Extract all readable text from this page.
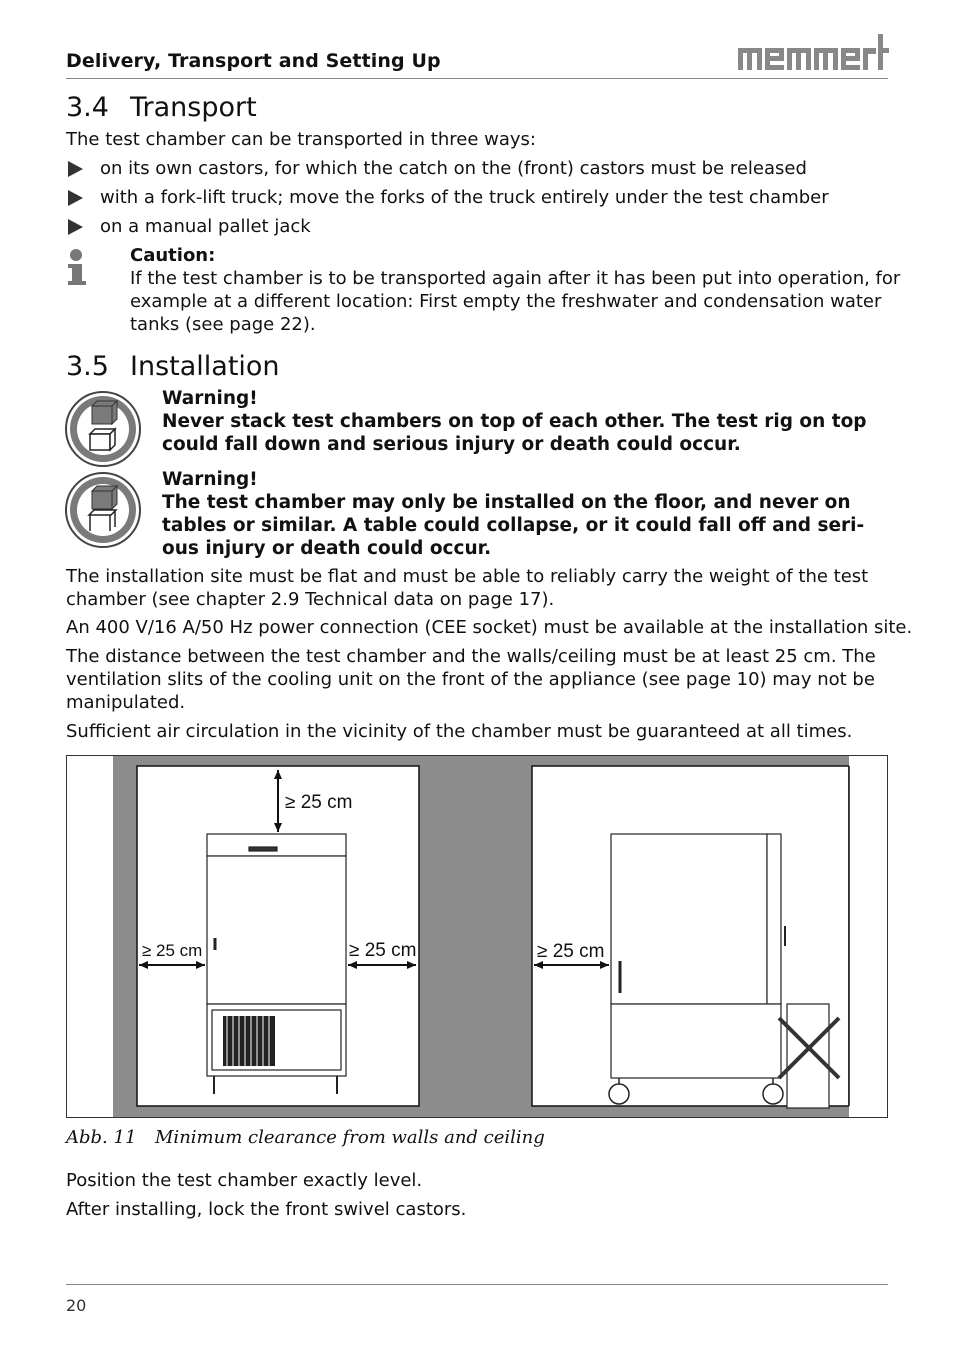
Delivery, Transport and Setting Up
3.4 Transport
The test chamber can be transported in three ways:
on its own castors, for which the catch on the (front) castors must be released
with a fork-lift truck; move the forks of the truck entirely under the test chamber
on a manual pallet jack
Caution:
If the test chamber is to be transported again after it has been put into operation, for
example at a different location: First empty the freshwater and condensation water
tanks (see page 22).
3.5 Installation
Warning!
Never stack test chambers on top of each other. The test rig on top
could fall down and serious injury or death could occur.
Warning!
The test chamber may only be installed on the floor, and never on
tables or similar. A table could collapse, or it could fall off and seri-
ous injury or death could occur.
The installation site must be flat and must be able to reliably carry the weight of the test
chamber (see chapter 2.9 Technical data on page 17).
An 400 V/16 A/50 Hz power connection (CEE socket) must be available at the installation site.
The distance between the test chamber and the walls/ceiling must be at least 25 cm. The
ventilation slits of the cooling unit on the front of the appliance (see page 10) may not be
manipulated.
Sufficient air circulation in the vicinity of the chamber must be guaranteed at all times.
≥ 25 cm
≥ 25 cm	≥ 25 cm	≥ 25 cm
Abb. 11 Minimum clearance from walls and ceiling
Position the test chamber exactly level.
After installing, lock the front swivel castors.
20
